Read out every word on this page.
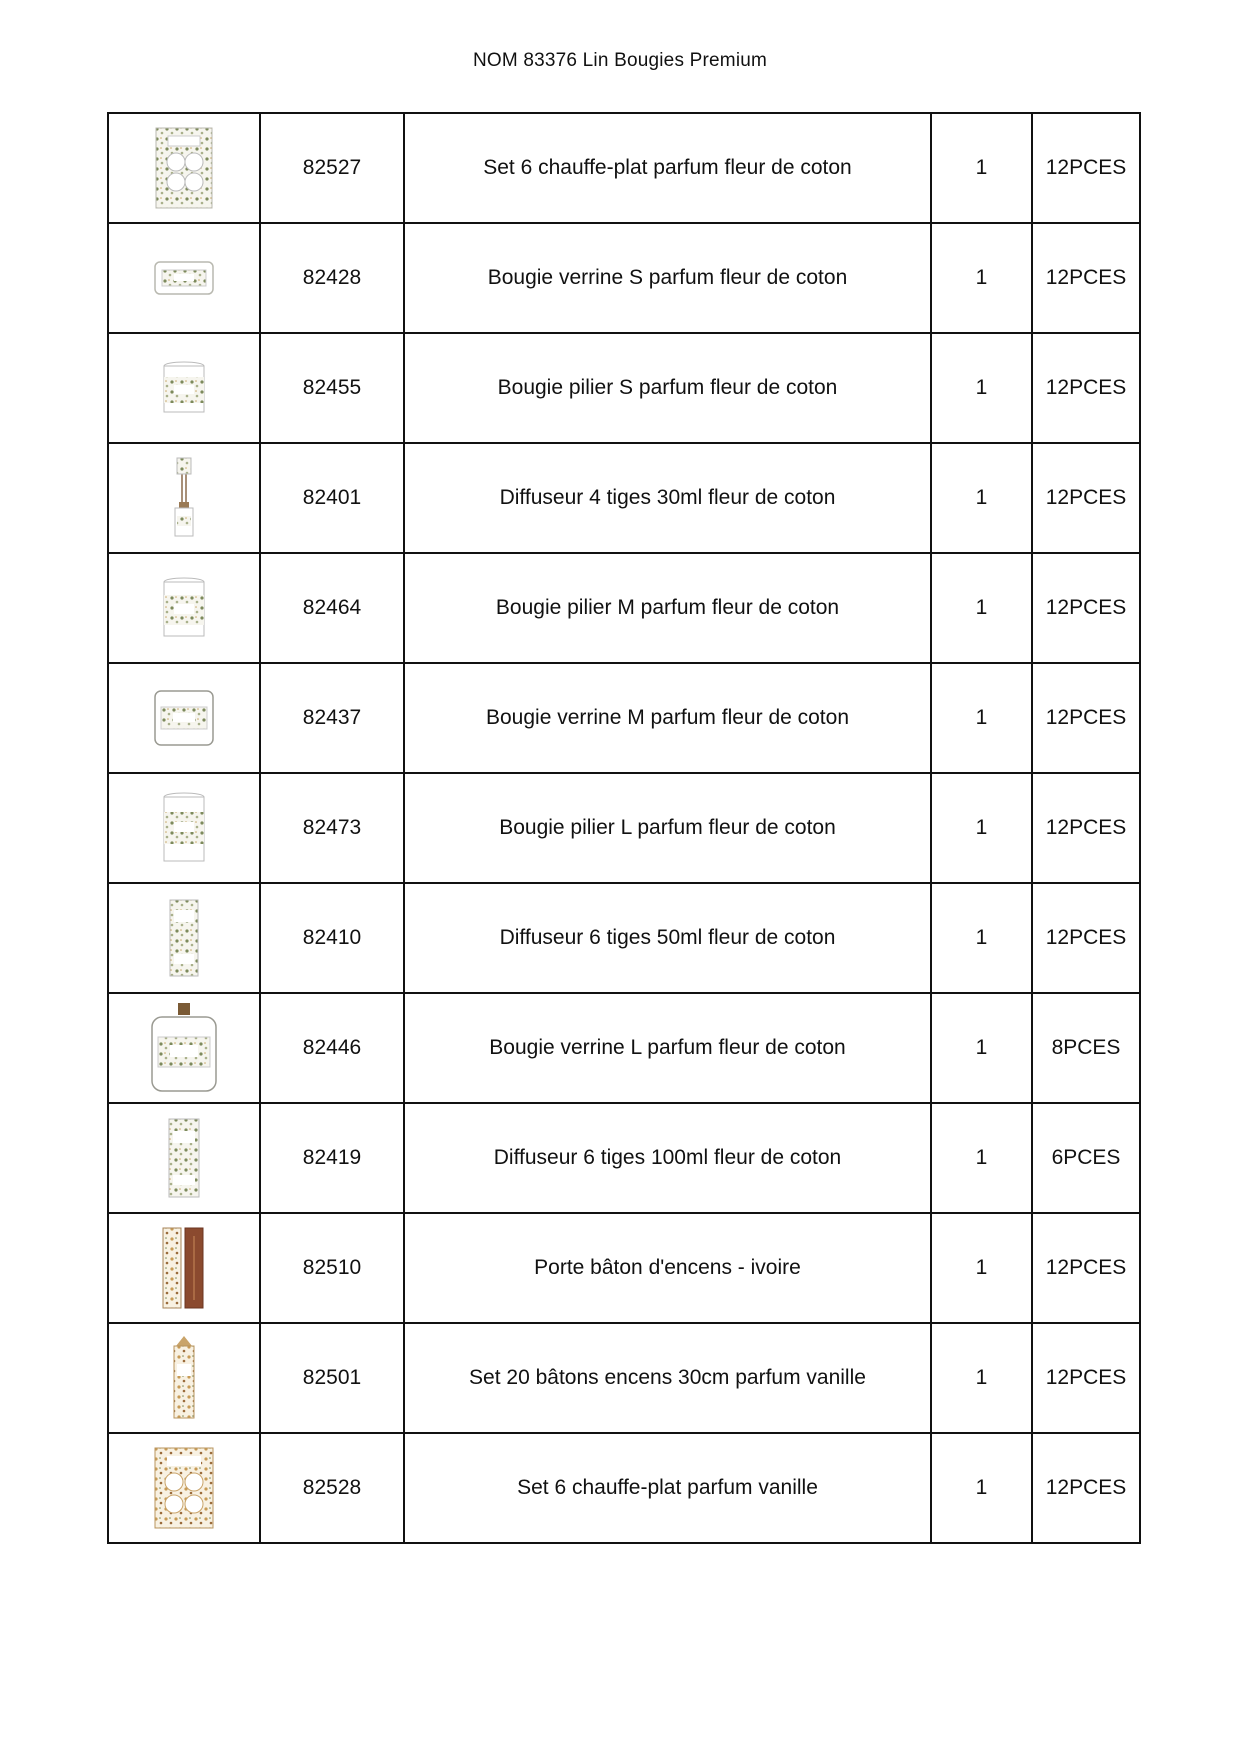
NOM 83376 Lin Bougies Premium
	82527	Set 6 chauffe-plat parfum fleur de coton	1	12PCES

	82428	Bougie verrine S parfum fleur de coton	1	12PCES

	82455	Bougie pilier S parfum fleur de coton	1	12PCES

	82401	Diffuseur 4 tiges 30ml fleur de coton	1	12PCES

	82464	Bougie pilier M parfum fleur de coton	1	12PCES

	82437	Bougie verrine M parfum fleur de coton	1	12PCES

	82473	Bougie pilier L parfum fleur de coton	1	12PCES

	82410	Diffuseur 6 tiges 50ml fleur de coton	1	12PCES

	82446	Bougie verrine L parfum fleur de coton	1	8PCES

	82419	Diffuseur 6 tiges 100ml fleur de coton	1	6PCES

	82510	Porte bâton d'encens - ivoire	1	12PCES

	82501	Set 20 bâtons encens 30cm parfum vanille	1	12PCES

	82528	Set 6 chauffe-plat parfum vanille	1	12PCES
